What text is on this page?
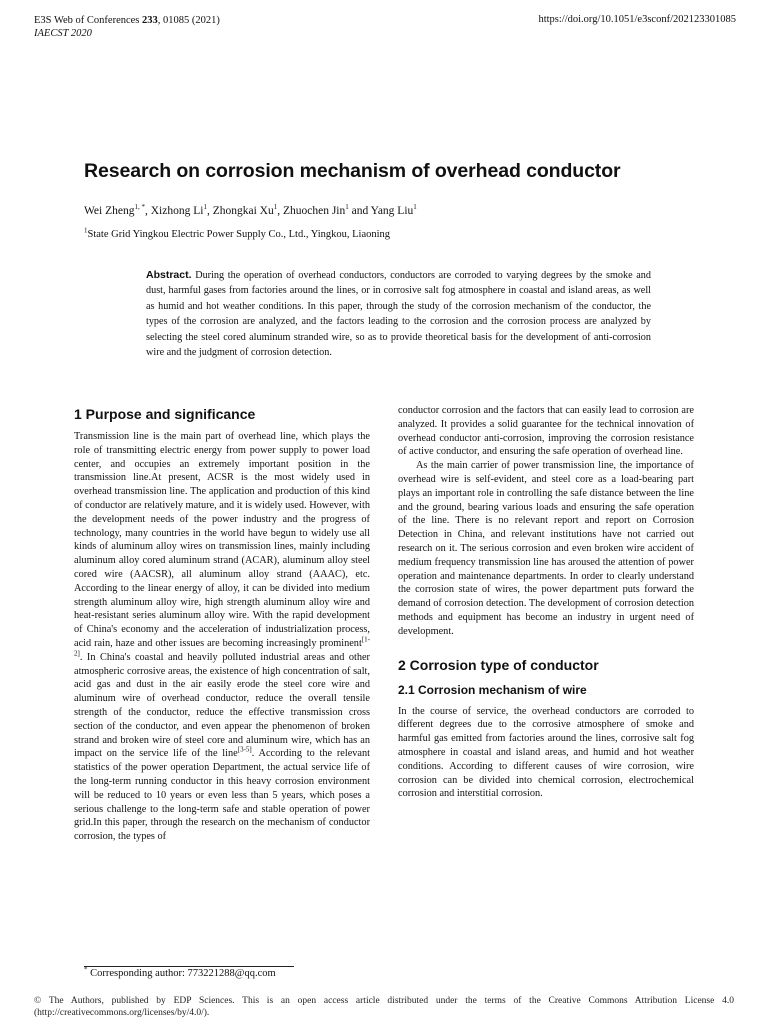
E3S Web of Conferences 233, 01085 (2021)
IAECST 2020
https://doi.org/10.1051/e3sconf/202123301085
Research on corrosion mechanism of overhead conductor
Wei Zheng$^{1, *}$, Xizhong Li$^1$, Zhongkai Xu$^1$, Zhuochen Jin$^1$ and Yang Liu$^1$
$^1$State Grid Yingkou Electric Power Supply Co., Ltd., Yingkou, Liaoning
Abstract. During the operation of overhead conductors, conductors are corroded to varying degrees by the smoke and dust, harmful gases from factories around the lines, or in corrosive salt fog atmosphere in coastal and island areas, as well as humid and hot weather conditions. In this paper, through the study of the corrosion mechanism of the conductor, the types of the corrosion are analyzed, and the factors leading to the corrosion and the corrosion process are analyzed by selecting the steel cored aluminum stranded wire, so as to provide theoretical basis for the development of anti-corrosion wire and the judgment of corrosion detection.
1 Purpose and significance

Transmission line is the main part of overhead line, which plays the role of transmitting electric energy from power supply to power load center, and occupies an extremely important position in the transmission line.At present, ACSR is the most widely used in overhead transmission line. The application and production of this kind of conductor are relatively mature, and it is widely used. However, with the development needs of the power industry and the progress of technology, many countries in the world have begun to widely use all kinds of aluminum alloy wires on transmission lines, mainly including aluminum alloy cored aluminum strand (ACAR), aluminum alloy steel cored wire (AACSR), all aluminum alloy strand (AAAC), etc. According to the linear energy of alloy, it can be divided into medium strength aluminum alloy wire, high strength aluminum alloy wire and heat-resistant series aluminum alloy wire. With the rapid development of China's economy and the acceleration of industrialization process, acid rain, haze and other issues are becoming increasingly prominent[1-2]. In China's coastal and heavily polluted industrial areas and other atmospheric corrosive areas, the existence of high concentration of salt, acid gas and dust in the air easily erode the steel core wire and aluminum wire of overhead conductor, reduce the overall tensile strength of the conductor, reduce the effective transmission cross section of the conductor, and even appear the phenomenon of broken strand and broken wire of steel core and aluminum wire, which has an impact on the service life of the line[3-5]. According to the relevant statistics of the power operation Department, the actual service life of the long-term running conductor in this heavy corrosion environment will be reduced to 10 years or even less than 5 years, which poses a serious challenge to the long-term safe and stable operation of power grid.In this paper, through the research on the mechanism of conductor corrosion, the types of

conductor corrosion and the factors that can easily lead to corrosion are analyzed. It provides a solid guarantee for the technical innovation of overhead conductor anti-corrosion, improving the corrosion resistance of active conductor, and ensuring the safe operation of overhead line.

As the main carrier of power transmission line, the importance of overhead wire is self-evident, and steel core as a load-bearing part plays an important role in controlling the safe distance between the line and the ground, bearing various loads and ensuring the safe operation of the line. There is no relevant report and report on Corrosion Detection in China, and relevant institutions have not carried out research on it. The serious corrosion and even broken wire accident of medium frequency transmission line has aroused the attention of power operation and maintenance departments. In order to clearly understand the corrosion state of wires, the power department puts forward the demand of corrosion detection. The development of corrosion detection methods and equipment has become an industry in urgent need of development.

2 Corrosion type of conductor
2.1 Corrosion mechanism of wire

In the course of service, the overhead conductors are corroded to different degrees due to the corrosive atmosphere of smoke and harmful gas emitted from factories around the lines, corrosive salt fog atmosphere in coastal and island areas, and humid and hot weather conditions. According to different causes of wire corrosion, wire corrosion can be divided into chemical corrosion, electrochemical corrosion and interstitial corrosion.

* Corresponding author: 773221288@qq.com
© The Authors, published by EDP Sciences. This is an open access article distributed under the terms of the Creative Commons Attribution License 4.0 (http://creativecommons.org/licenses/by/4.0/).
